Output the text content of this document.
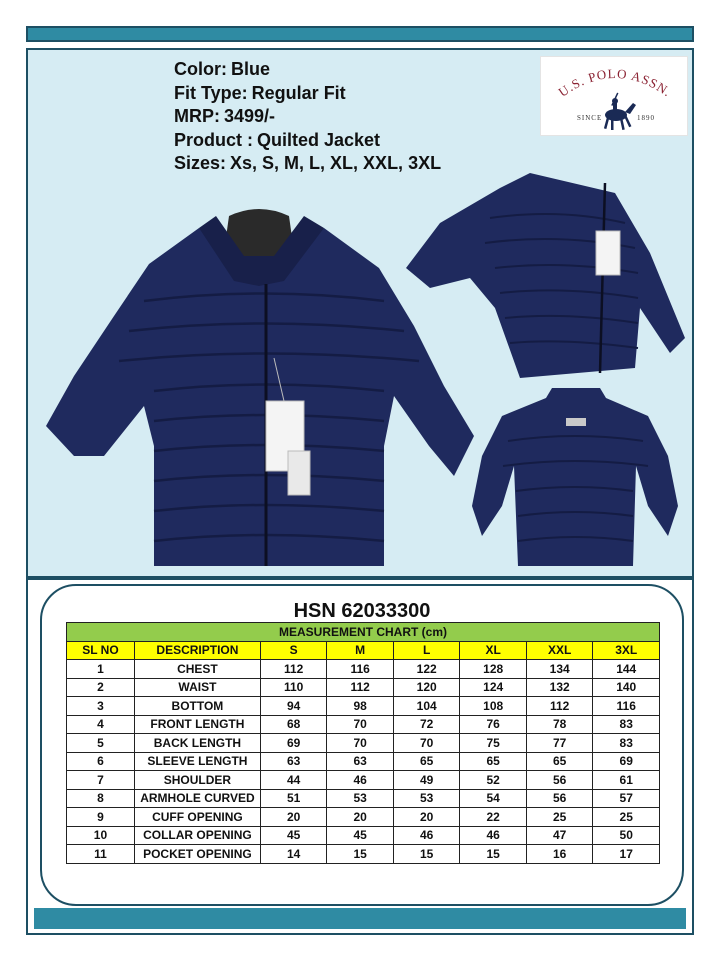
Color: Blue
Fit Type: Regular Fit
MRP: 3499/-
Product : Quilted Jacket
Sizes: Xs, S, M, L, XL, XXL, 3XL
U.S. POLO ASSN.
SINCE	1890
HSN 62033300
MEASUREMENT CHART (cm)							
SL NO	DESCRIPTION	S	M	L	XL	XXL	3XL
1	CHEST	112	116	122	128	134	144
2	WAIST	110	112	120	124	132	140
3	BOTTOM	94	98	104	108	112	116
4	FRONT LENGTH	68	70	72	76	78	83
5	BACK LENGTH	69	70	70	75	77	83
6	SLEEVE LENGTH	63	63	65	65	65	69
7	SHOULDER	44	46	49	52	56	61
8	ARMHOLE CURVED	51	53	53	54	56	57
9	CUFF OPENING	20	20	20	22	25	25
10	COLLAR OPENING	45	45	46	46	47	50
11	POCKET OPENING	14	15	15	15	16	17
